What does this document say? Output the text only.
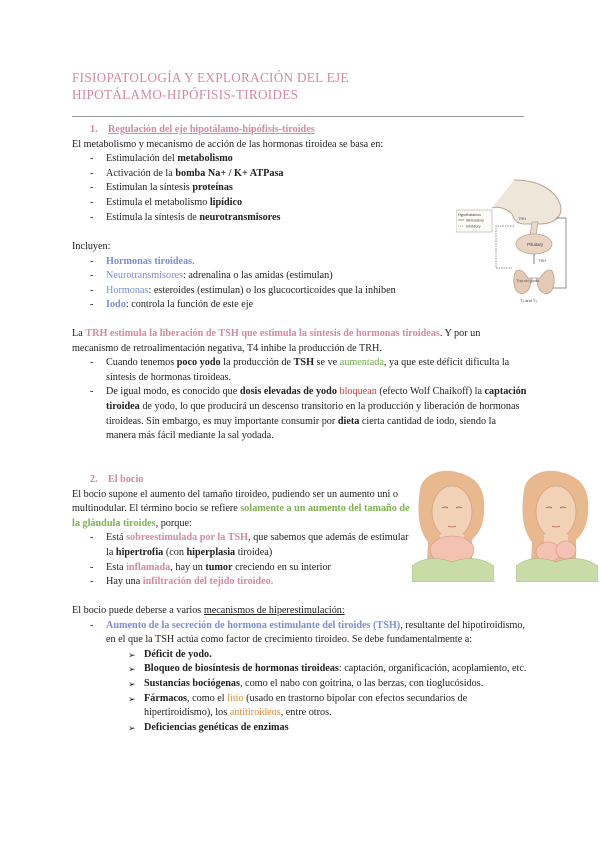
FISIOPATOLOGÍA Y EXPLORACIÓN DEL EJE
HIPOTÁLAMO-HIPÓFISIS-TIROIDES
1. Regulación del eje hipotálamo-hipófisis-tiroides

El metabolismo y mecanismo de acción de las hormonas tiroidea se basa en:

- Estimulación del metabolismo
- Activación de la bomba Na+ / K+ ATPasa
- Estimulan la síntesis proteínas
- Estimula el metabolismo lipídico
- Estimula la síntesis de neurotransmisores

Incluyen:

- Hormonas tiroideas.
- Neurotransmisores: adrenalina o las amidas (estimulan)
- Hormonas: esteroides (estimulan) o los glucocorticoides que la inhiben
- Iodo: controla la función de este eje

La TRH estimula la liberación de TSH que estimula la síntesis de hormonas tiroideas. Y por un mecanismo de retroalimentación negativa, T4 inhibe la producción de TRH.

- Cuando tenemos poco yodo la producción de TSH se ve aumentada, ya que este déficit dificulta la síntesis de hormonas tiroideas.
- De igual modo, es conocido que dosis elevadas de yodo bloquean (efecto Wolf Chaikoff) la captación tiroidea de yodo, lo que producirá un descenso transitorio en la producción y liberación de hormonas tiroideas. Sin embargo, es muy importante consumir por dieta cierta cantidad de iodo, siendo la manera más fácil mediante la sal yodada.
2. El bocio

El bocio supone el aumento del tamaño tiroideo, pudiendo ser un aumento uni o multinodular. El término bocio se refiere solamente a un aumento del tamaño de la glándula tiroides, porque:

- Está sobreestimulada por la TSH, que sabemos que además de estimular la hipertrofia (con hiperplasia tiroidea)
- Esta inflamada, hay un tumor creciendo en su interior
- Hay una infiltración del tejido tiroideo.

El bocio puede deberse a varios mecanismos de hiperestimulación:

- Aumento de la secreción de hormona estimulante del tiroides (TSH), resultante del hipotiroidismo, en el que la TSH actúa como factor de crecimiento tiroideo. Se debe fundamentalmente a:
➢ Déficit de yodo.
➢ Bloqueo de biosíntesis de hormonas tiroideas: captación, organificación, acoplamiento, etc.
➢ Sustancias bociógenas, como el nabo con goitrina, o las berzas, con tioglucósidos.
➢ Fármacos, como el litio (usado en trastorno bipolar con efectos secundarios de hipertiroidismo), los antitiroideos, entre otros.
➢ Deficiencias genéticas de enzimas
TRH
Pituitary
Hypothalamus
Stimulatory
Inhibitory
TSH
Thyroid gland
T₄ and T₃
